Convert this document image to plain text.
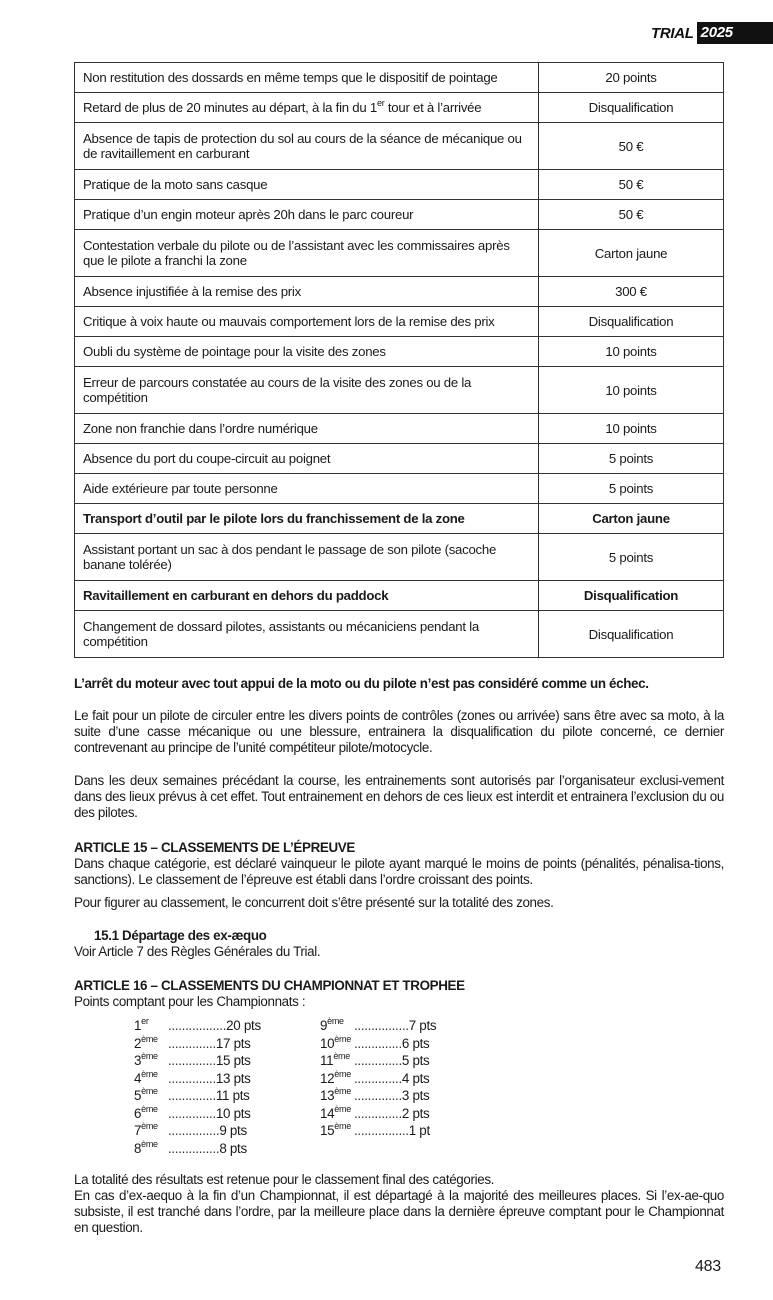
TRIAL 2025
Non restitution des dossards en même temps que le dispositif de pointage	20 points
Retard de plus de 20 minutes au départ, à la fin du 1er tour et à l’arrivée	Disqualification
Absence de tapis de protection du sol au cours de la séance de mécanique ou de ravitaillement en carburant	50 €
Pratique de la moto sans casque	50 €
Pratique d’un engin moteur après 20h dans le parc coureur	50 €
Contestation verbale du pilote ou de l’assistant avec les commissaires après que le pilote a franchi la zone	Carton jaune
Absence injustifiée à la remise des prix	300 €
Critique à voix haute ou mauvais comportement lors de la remise des prix	Disqualification
Oubli du système de pointage pour la visite des zones	10 points
Erreur de parcours constatée au cours de la visite des zones ou de la compétition	10 points
Zone non franchie dans l’ordre numérique	10 points
Absence du port du coupe-circuit au poignet	5 points
Aide extérieure par toute personne	5 points
Transport d’outil par le pilote lors du franchissement de la zone	Carton jaune
Assistant portant un sac à dos pendant le passage de son pilote (sacoche banane tolérée)	5 points
Ravitaillement en carburant en dehors du paddock	Disqualification
Changement de dossard pilotes, assistants ou mécaniciens pendant la compétition	Disqualification

L’arrêt du moteur avec tout appui de la moto ou du pilote n’est pas considéré comme un échec.

Le fait pour un pilote de circuler entre les divers points de contrôles (zones ou arrivée) sans être avec sa moto, à la suite d’une casse mécanique ou une blessure, entrainera la disqualification du pilote concerné, ce dernier contrevenant au principe de l’unité compétiteur pilote/motocycle.

Dans les deux semaines précédant la course, les entrainements sont autorisés par l’organisateur exclusi-vement dans des lieux prévus à cet effet. Tout entrainement en dehors de ces lieux est interdit et entrainera l’exclusion du ou des pilotes.

ARTICLE 15 – CLASSEMENTS DE L’ÉPREUVE

Dans chaque catégorie, est déclaré vainqueur le pilote ayant marqué le moins de points (pénalités, pénalisa-tions, sanctions). Le classement de l’épreuve est établi dans l’ordre croissant des points.

Pour figurer au classement, le concurrent doit s’être présenté sur la totalité des zones.

15.1 Départage des ex-æquo

Voir Article 7 des Règles Générales du Trial.

ARTICLE 16 – CLASSEMENTS DU CHAMPIONNAT ET TROPHEE

Points comptant pour les Championnats :

1er	................. 20 pts
2ème .............. 17 pts
3ème .............. 15 pts
4ème .............. 13 pts
5ème .............. 11 pts
6ème .............. 10 pts
7ème ............... 9 pts
8ème ............... 8 pts
9ème ................ 7 pts
10ème .............. 6 pts
11ème .............. 5 pts
12ème .............. 4 pts
13ème .............. 3 pts
14ème .............. 2 pts
15ème ................ 1 pt

La totalité des résultats est retenue pour le classement final des catégories.

En cas d’ex-aequo à la fin d’un Championnat, il est départagé à la majorité des meilleures places. Si l’ex-ae-quo subsiste, il est tranché dans l’ordre, par la meilleure place dans la dernière épreuve comptant pour le Championnat en question.

483
